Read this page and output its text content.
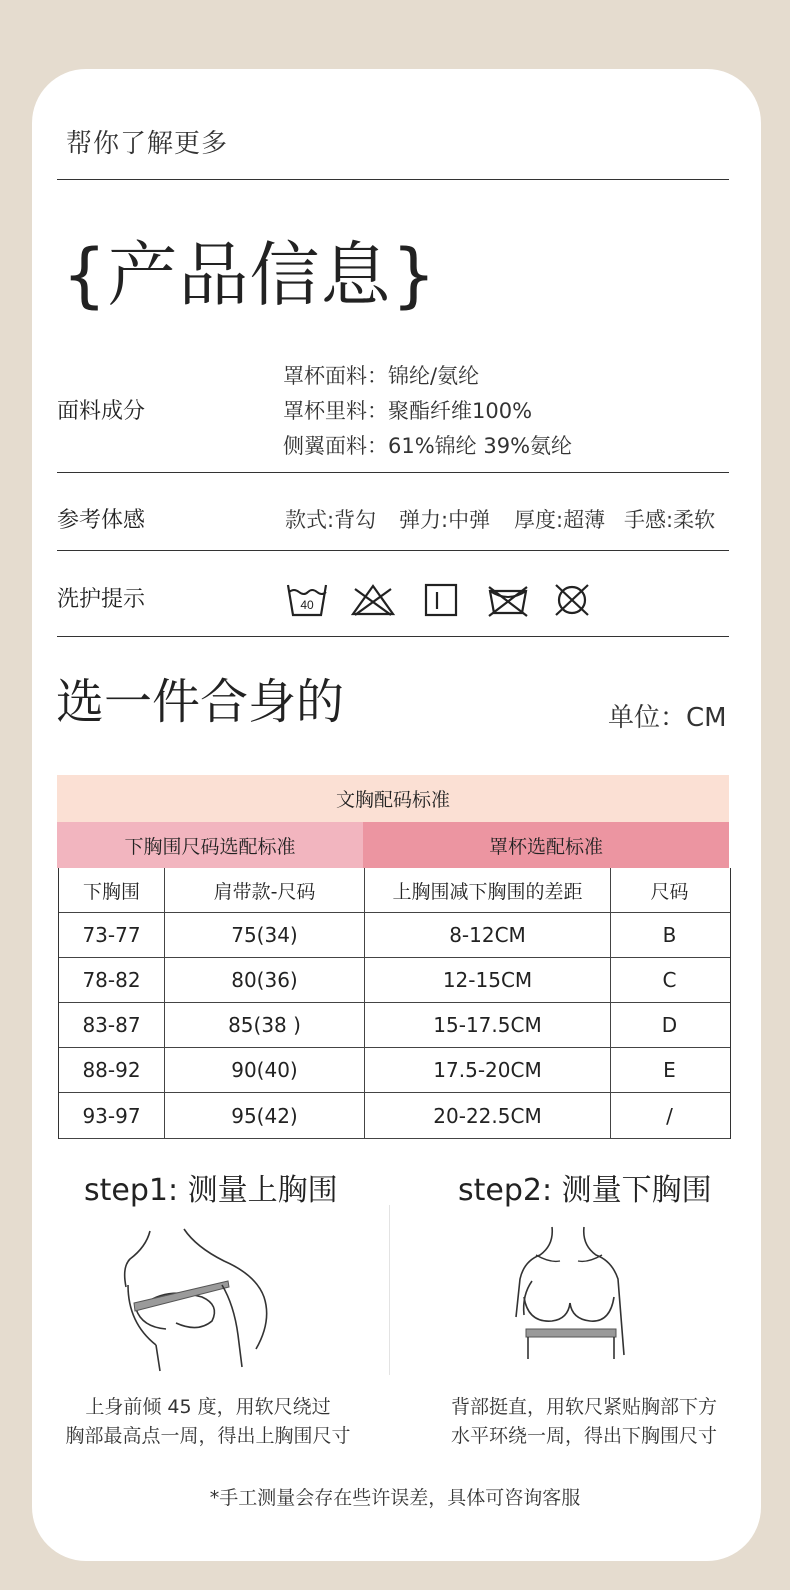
帮你了解更多
{产品信息}
面料成分
罩杯面料：锦纶/氨纶
罩杯里料：聚酯纤维100%
侧翼面料：61%锦纶 39%氨纶
参考体感	款式:背勾 弹力:中弹 厚度:超薄 手感:柔软
洗护提示	40
选一件合身的	单位：CM
文胸配码标准
下胸围尺码选配标准	罩杯选配标准
下胸围	肩带款-尺码	上胸围减下胸围的差距	尺码
73-77	75(34)	8-12CM	B
78-82	80(36)	12-15CM	C
83-87	85(38 )	15-17.5CM	D
88-92	90(40)	17.5-20CM	E
93-97	95(42)	20-22.5CM	/
step1: 测量上胸围	step2: 测量下胸围
上身前倾 45 度，用软尺绕过
胸部最高点一周，得出上胸围尺寸
背部挺直，用软尺紧贴胸部下方
水平环绕一周，得出下胸围尺寸
*手工测量会存在些许误差，具体可咨询客服
